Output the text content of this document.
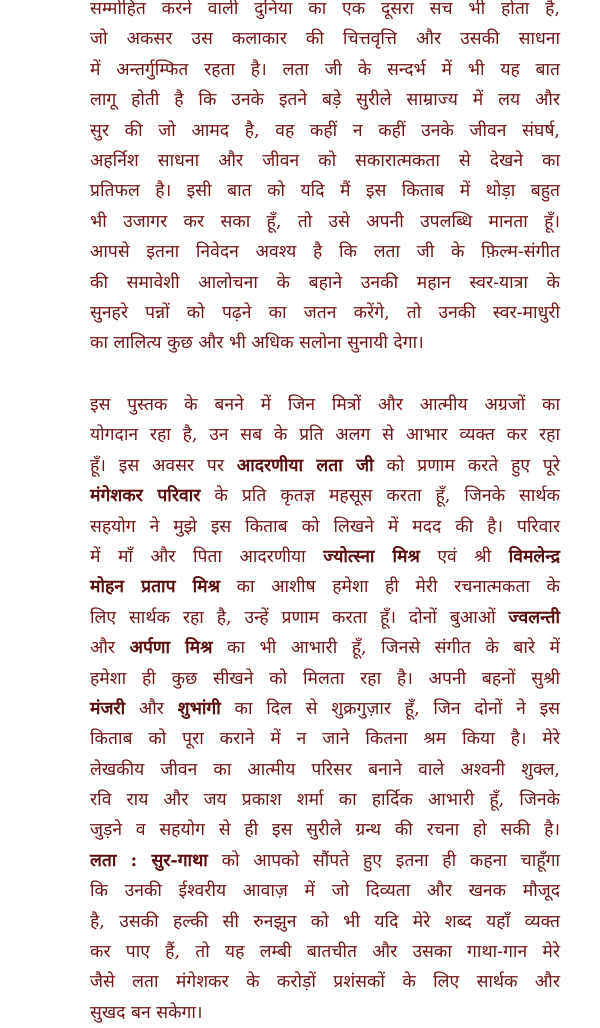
सम्मोहित करने वाली दुनिया का एक दूसरा सच भी होता है,
जो अकसर उस कलाकार की चित्तवृत्ति और उसकी साधना
में अन्तर्गुम्फित रहता है। लता जी के सन्दर्भ में भी यह बात
लागू होती है कि उनके इतने बड़े सुरीले साम्राज्य में लय और
सुर की जो आमद है, वह कहीं न कहीं उनके जीवन संघर्ष,
अहर्निश साधना और जीवन को सकारात्मकता से देखने का
प्रतिफल है। इसी बात को यदि मैं इस किताब में थोड़ा बहुत
भी उजागर कर सका हूँ, तो उसे अपनी उपलब्धि मानता हूँ।
आपसे इतना निवेदन अवश्य है कि लता जी के फ़िल्म-संगीत
की समावेशी आलोचना के बहाने उनकी महान स्वर-यात्रा के
सुनहरे पन्नों को पढ़ने का जतन करेंगे, तो उनकी स्वर-माधुरी
का लालित्य कुछ और भी अधिक सलोना सुनायी देगा।
इस पुस्तक के बनने में जिन मित्रों और आत्मीय अग्रजों का
योगदान रहा है, उन सब के प्रति अलग से आभार व्यक्त कर रहा
हूँ। इस अवसर पर आदरणीया लता जी को प्रणाम करते हुए पूरे
मंगेशकर परिवार के प्रति कृतज्ञ महसूस करता हूँ, जिनके सार्थक
सहयोग ने मुझे इस किताब को लिखने में मदद की है। परिवार
में माँ और पिता आदरणीया ज्योत्स्ना मिश्र एवं श्री विमलेन्द्र
मोहन प्रताप मिश्र का आशीष हमेशा ही मेरी रचनात्मकता के
लिए सार्थक रहा है, उन्हें प्रणाम करता हूँ। दोनों बुआओं ज्वलन्ती
और अर्पणा मिश्र का भी आभारी हूँ, जिनसे संगीत के बारे में
हमेशा ही कुछ सीखने को मिलता रहा है। अपनी बहनों सुश्री
मंजरी और शुभांगी का दिल से शुक्रगुज़ार हूँ, जिन दोनों ने इस
किताब को पूरा कराने में न जाने कितना श्रम किया है। मेरे
लेखकीय जीवन का आत्मीय परिसर बनाने वाले अश्वनी शुक्ल,
रवि राय और जय प्रकाश शर्मा का हार्दिक आभारी हूँ, जिनके
जुड़ने व सहयोग से ही इस सुरीले ग्रन्थ की रचना हो सकी है।
लता : सुर-गाथा को आपको सौंपते हुए इतना ही कहना चाहूँगा
कि उनकी ईश्वरीय आवाज़ में जो दिव्यता और खनक मौजूद
है, उसकी हल्की सी रुनझुन को भी यदि मेरे शब्द यहाँ व्यक्त
कर पाए हैं, तो यह लम्बी बातचीत और उसका गाथा-गान मेरे
जैसे लता मंगेशकर के करोड़ों प्रशंसकों के लिए सार्थक और
सुखद बन सकेगा।
